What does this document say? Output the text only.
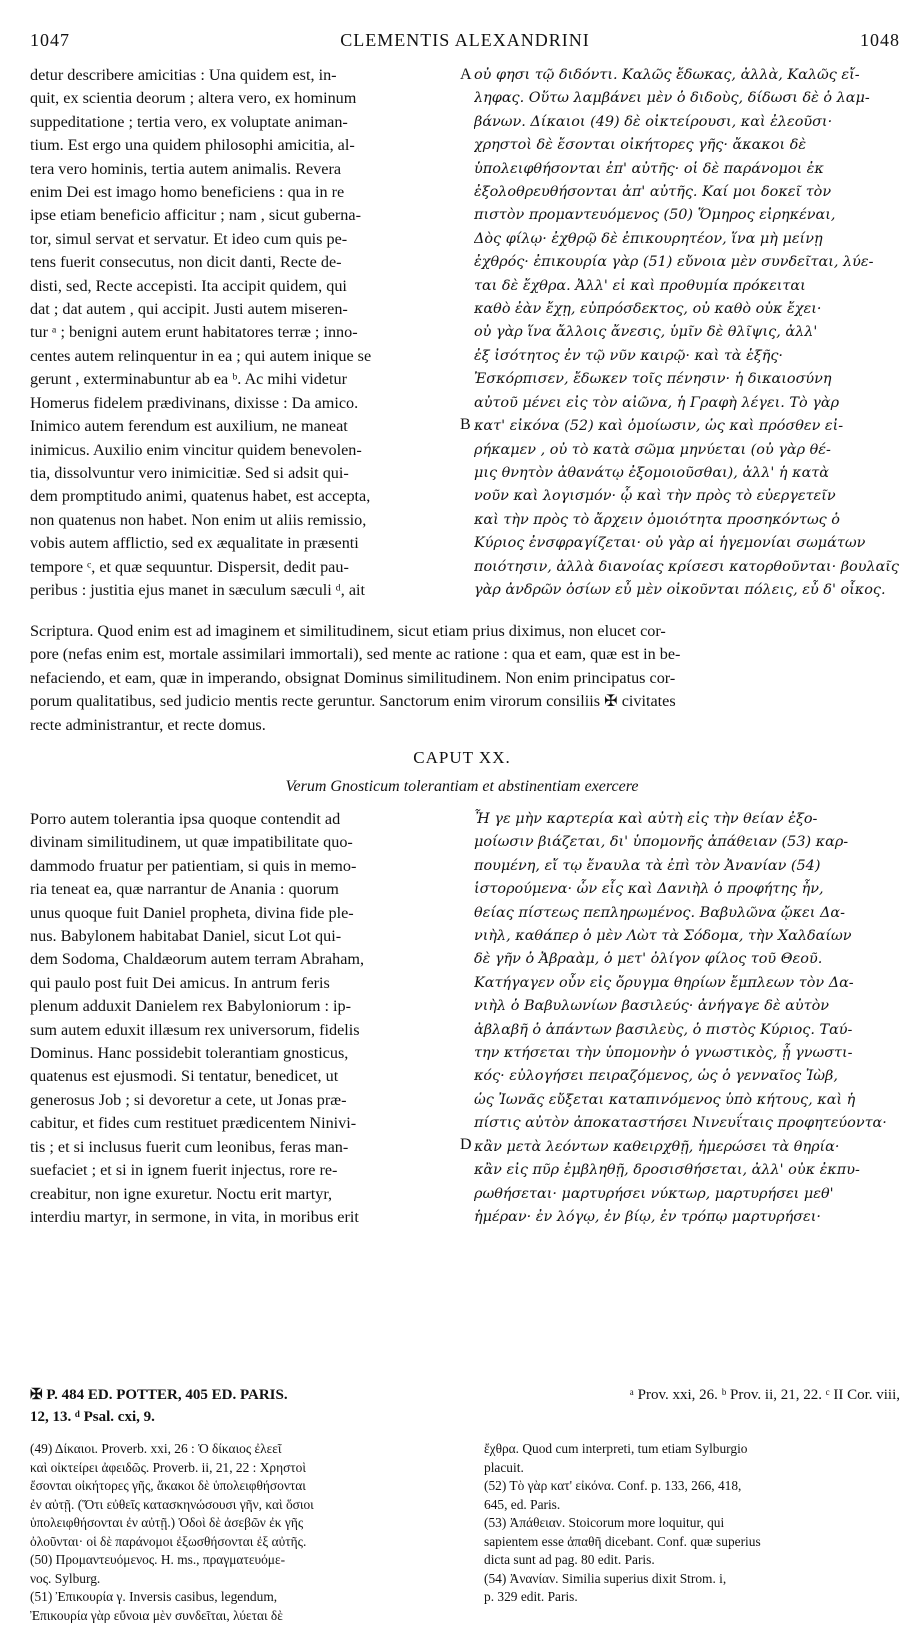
1047	CLEMENTIS ALEXANDRINI	1048
detur describere amicitias : Una quidem est, in-
quit, ex scientia deorum ; altera vero, ex hominum
suppeditatione ; tertia vero, ex voluptate animan-
tium. Est ergo una quidem philosophi amicitia, al-
tera vero hominis, tertia autem animalis. Revera
enim Dei est imago homo beneficiens : qua in re
ipse etiam beneficio afficitur ; nam , sicut guberna-
tor, simul servat et servatur. Et ideo cum quis pe-
tens fuerit consecutus, non dicit danti, Recte de-
disti, sed, Recte accepisti. Ita accipit quidem, qui
dat ; dat autem , qui accipit. Justi autem miseren-
tur ᵃ ; benigni autem erunt habitatores terræ ; inno-
centes autem relinquentur in ea ; qui autem inique se
gerunt , exterminabuntur ab ea ᵇ. Ac mihi videtur
Homerus fidelem prædivinans, dixisse : Da amico.
Inimico autem ferendum est auxilium, ne maneat
inimicus. Auxilio enim vincitur quidem benevolen-
tia, dissolvuntur vero inimicitiæ. Sed si adsit qui-
dem promptitudo animi, quatenus habet, est accepta,
non quatenus non habet. Non enim ut aliis remissio,
vobis autem afflictio, sed ex æqualitate in præsenti
tempore ᶜ, et quæ sequuntur. Dispersit, dedit pau-
peribus : justitia ejus manet in sæculum sæculi ᵈ, ait
A
B
οὐ φησι τῷ διδόντι. Καλῶς ἔδωκας, ἀλλὰ, Καλῶς εἴ-
ληφας. Οὕτω λαμβάνει μὲν ὁ διδοὺς, δίδωσι δὲ ὁ λαμ-
βάνων. Δίκαιοι (49) δὲ οἰκτείρουσι, καὶ ἐλεοῦσι·
χρηστοὶ δὲ ἔσονται οἰκήτορες γῆς· ἄκακοι δὲ
ὑπολειφθήσονται ἐπ' αὐτῆς· οἱ δὲ παράνομοι ἐκ
ἐξολοθρευθήσονται ἀπ' αὐτῆς. Καί μοι δοκεῖ τὸν
πιστὸν προμαντευόμενος (50) Ὅμηρος εἰρηκέναι,
Δὸς φίλῳ· ἐχθρῷ δὲ ἐπικουρητέον, ἵνα μὴ μείνῃ
ἐχθρός· ἐπικουρία γὰρ (51) εὔνοια μὲν συνδεῖται, λύε-
ται δὲ ἔχθρα. Ἀλλ' εἰ καὶ προθυμία πρόκειται
καθὸ ἐὰν ἔχῃ, εὐπρόσδεκτος, οὐ καθὸ οὐκ ἔχει·
οὐ γὰρ ἵνα ἄλλοις ἄνεσις, ὑμῖν δὲ θλῖψις, ἀλλ'
ἐξ ἰσότητος ἐν τῷ νῦν καιρῷ· καὶ τὰ ἑξῆς·
Ἐσκόρπισεν, ἔδωκεν τοῖς πένησιν· ἡ δικαιοσύνη
αὐτοῦ μένει εἰς τὸν αἰῶνα, ἡ Γραφὴ λέγει. Τὸ γὰρ
κατ' εἰκόνα (52) καὶ ὁμοίωσιν, ὡς καὶ πρόσθεν εἰ-
ρήκαμεν , οὐ τὸ κατὰ σῶμα μηνύεται (οὐ γὰρ θέ-
μις θνητὸν ἀθανάτῳ ἐξομοιοῦσθαι), ἀλλ' ἡ κατὰ
νοῦν καὶ λογισμόν· ᾧ καὶ τὴν πρὸς τὸ εὐεργετεῖν
καὶ τὴν πρὸς τὸ ἄρχειν ὁμοιότητα προσηκόντως ὁ
Κύριος ἐνσφραγίζεται· οὐ γὰρ αἱ ἡγεμονίαι σωμάτων
ποιότησιν, ἀλλὰ διανοίας κρίσεσι κατορθοῦνται· βουλαῖς
γὰρ ἀνδρῶν ὁσίων εὖ μὲν οἰκοῦνται πόλεις, εὖ δ' οἶκος.
Scriptura. Quod enim est ad imaginem et similitudinem, sicut etiam prius diximus, non elucet cor-
pore (nefas enim est, mortale assimilari immortali), sed mente ac ratione : qua et eam, quæ est in be-
nefaciendo, et eam, quæ in imperando, obsignat Dominus similitudinem. Non enim principatus cor-
porum qualitatibus, sed judicio mentis recte geruntur. Sanctorum enim virorum consiliis ✠ civitates
recte administrantur, et recte domus.
CAPUT XX.
Verum Gnosticum tolerantiam et abstinentiam exercere
Porro autem tolerantia ipsa quoque contendit ad
divinam similitudinem, ut quæ impatibilitate quo-
dammodo fruatur per patientiam, si quis in memo-
ria teneat ea, quæ narrantur de Anania : quorum
unus quoque fuit Daniel propheta, divina fide ple-
nus. Babylonem habitabat Daniel, sicut Lot qui-
dem Sodoma, Chaldæorum autem terram Abraham,
qui paulo post fuit Dei amicus. In antrum feris
plenum adduxit Danielem rex Babyloniorum : ip-
sum autem eduxit illæsum rex universorum, fidelis
Dominus. Hanc possidebit tolerantiam gnosticus,
quatenus est ejusmodi. Si tentatur, benedicet, ut
generosus Job ; si devoretur a cete, ut Jonas præ-
cabitur, et fides cum restituet prædicentem Ninivi-
tis ; et si inclusus fuerit cum leonibus, feras man-
suefaciet ; et si in ignem fuerit injectus, rore re-
creabitur, non igne exuretur. Noctu erit martyr,
interdiu martyr, in sermone, in vita, in moribus erit
D
Ἦ γε μὴν καρτερία καὶ αὐτὴ εἰς τὴν θείαν ἐξο-
μοίωσιν βιάζεται, δι' ὑπομονῆς ἀπάθειαν (53) καρ-
πουμένη, εἴ τῳ ἔναυλα τὰ ἐπὶ τὸν Ἀνανίαν (54)
ἱστορούμενα· ὧν εἷς καὶ Δανιὴλ ὁ προφήτης ἦν,
θείας πίστεως πεπληρωμένος. Βαβυλῶνα ᾤκει Δα-
νιὴλ, καθάπερ ὁ μὲν Λὼτ τὰ Σόδομα, τὴν Χαλδαίων
δὲ γῆν ὁ Ἀβραὰμ, ὁ μετ' ὀλίγον φίλος τοῦ Θεοῦ.
Κατήγαγεν οὖν εἰς ὄρυγμα θηρίων ἔμπλεων τὸν Δα-
νιὴλ ὁ Βαβυλωνίων βασιλεύς· ἀνήγαγε δὲ αὐτὸν
ἀβλαβῆ ὁ ἁπάντων βασιλεὺς, ὁ πιστὸς Κύριος. Ταύ-
την κτήσεται τὴν ὑπομονὴν ὁ γνωστικὸς, ᾗ γνωστι-
κός· εὐλογήσει πειραζόμενος, ὡς ὁ γενναῖος Ἰὼβ,
ὡς Ἰωνᾶς εὔξεται καταπινόμενος ὑπὸ κήτους, καὶ ἡ
πίστις αὐτὸν ἀποκαταστήσει Νινευΐταις προφητεύοντα·
κἂν μετὰ λεόντων καθειρχθῇ, ἡμερώσει τὰ θηρία·
κἂν εἰς πῦρ ἐμβληθῇ, δροσισθήσεται, ἀλλ' οὐκ ἐκπυ-
ρωθήσεται· μαρτυρήσει νύκτωρ, μαρτυρήσει μεθ'
ἡμέραν· ἐν λόγῳ, ἐν βίῳ, ἐν τρόπῳ μαρτυρήσει·
✠ P. 484 ED. POTTER, 405 ED. PARIS.	ᵃ Prov. xxi, 26. ᵇ Prov. ii, 21, 22. ᶜ II Cor. viii,
12, 13. ᵈ Psal. cxi, 9.
(49) Δίκαιοι. Proverb. xxi, 26 : Ὁ δίκαιος ἐλεεῖ
καὶ οἰκτείρει ἀφειδῶς. Proverb. ii, 21, 22 : Χρηστοὶ
ἔσονται οἰκήτορες γῆς, ἄκακοι δὲ ὑπολειφθήσονται
ἐν αὐτῇ. (Ὅτι εὐθεῖς κατασκηνώσουσι γῆν, καὶ ὅσιοι
ὑπολειφθήσονται ἐν αὐτῇ.) Ὁδοὶ δὲ ἀσεβῶν ἐκ γῆς
ὀλοῦνται· οἱ δὲ παράνομοι ἐξωσθήσονται ἐξ αὐτῆς.
(50) Προμαντευόμενος. H. ms., πραγματευόμε-
νος. Sylburg.
(51) Ἐπικουρία γ. Inversis casibus, legendum,
Ἐπικουρία γὰρ εὔνοια μὲν συνδεῖται, λύεται δὲ
ἔχθρα. Quod cum interpreti, tum etiam Sylburgio
placuit.
(52) Τὸ γὰρ κατ' εἰκόνα. Conf. p. 133, 266, 418,
645, ed. Paris.
(53) Ἀπάθειαν. Stoicorum more loquitur, qui
sapientem esse ἀπαθῆ dicebant. Conf. quæ superius
dicta sunt ad pag. 80 edit. Paris.
(54) Ἀνανίαν. Similia superius dixit Strom. i,
p. 329 edit. Paris.
